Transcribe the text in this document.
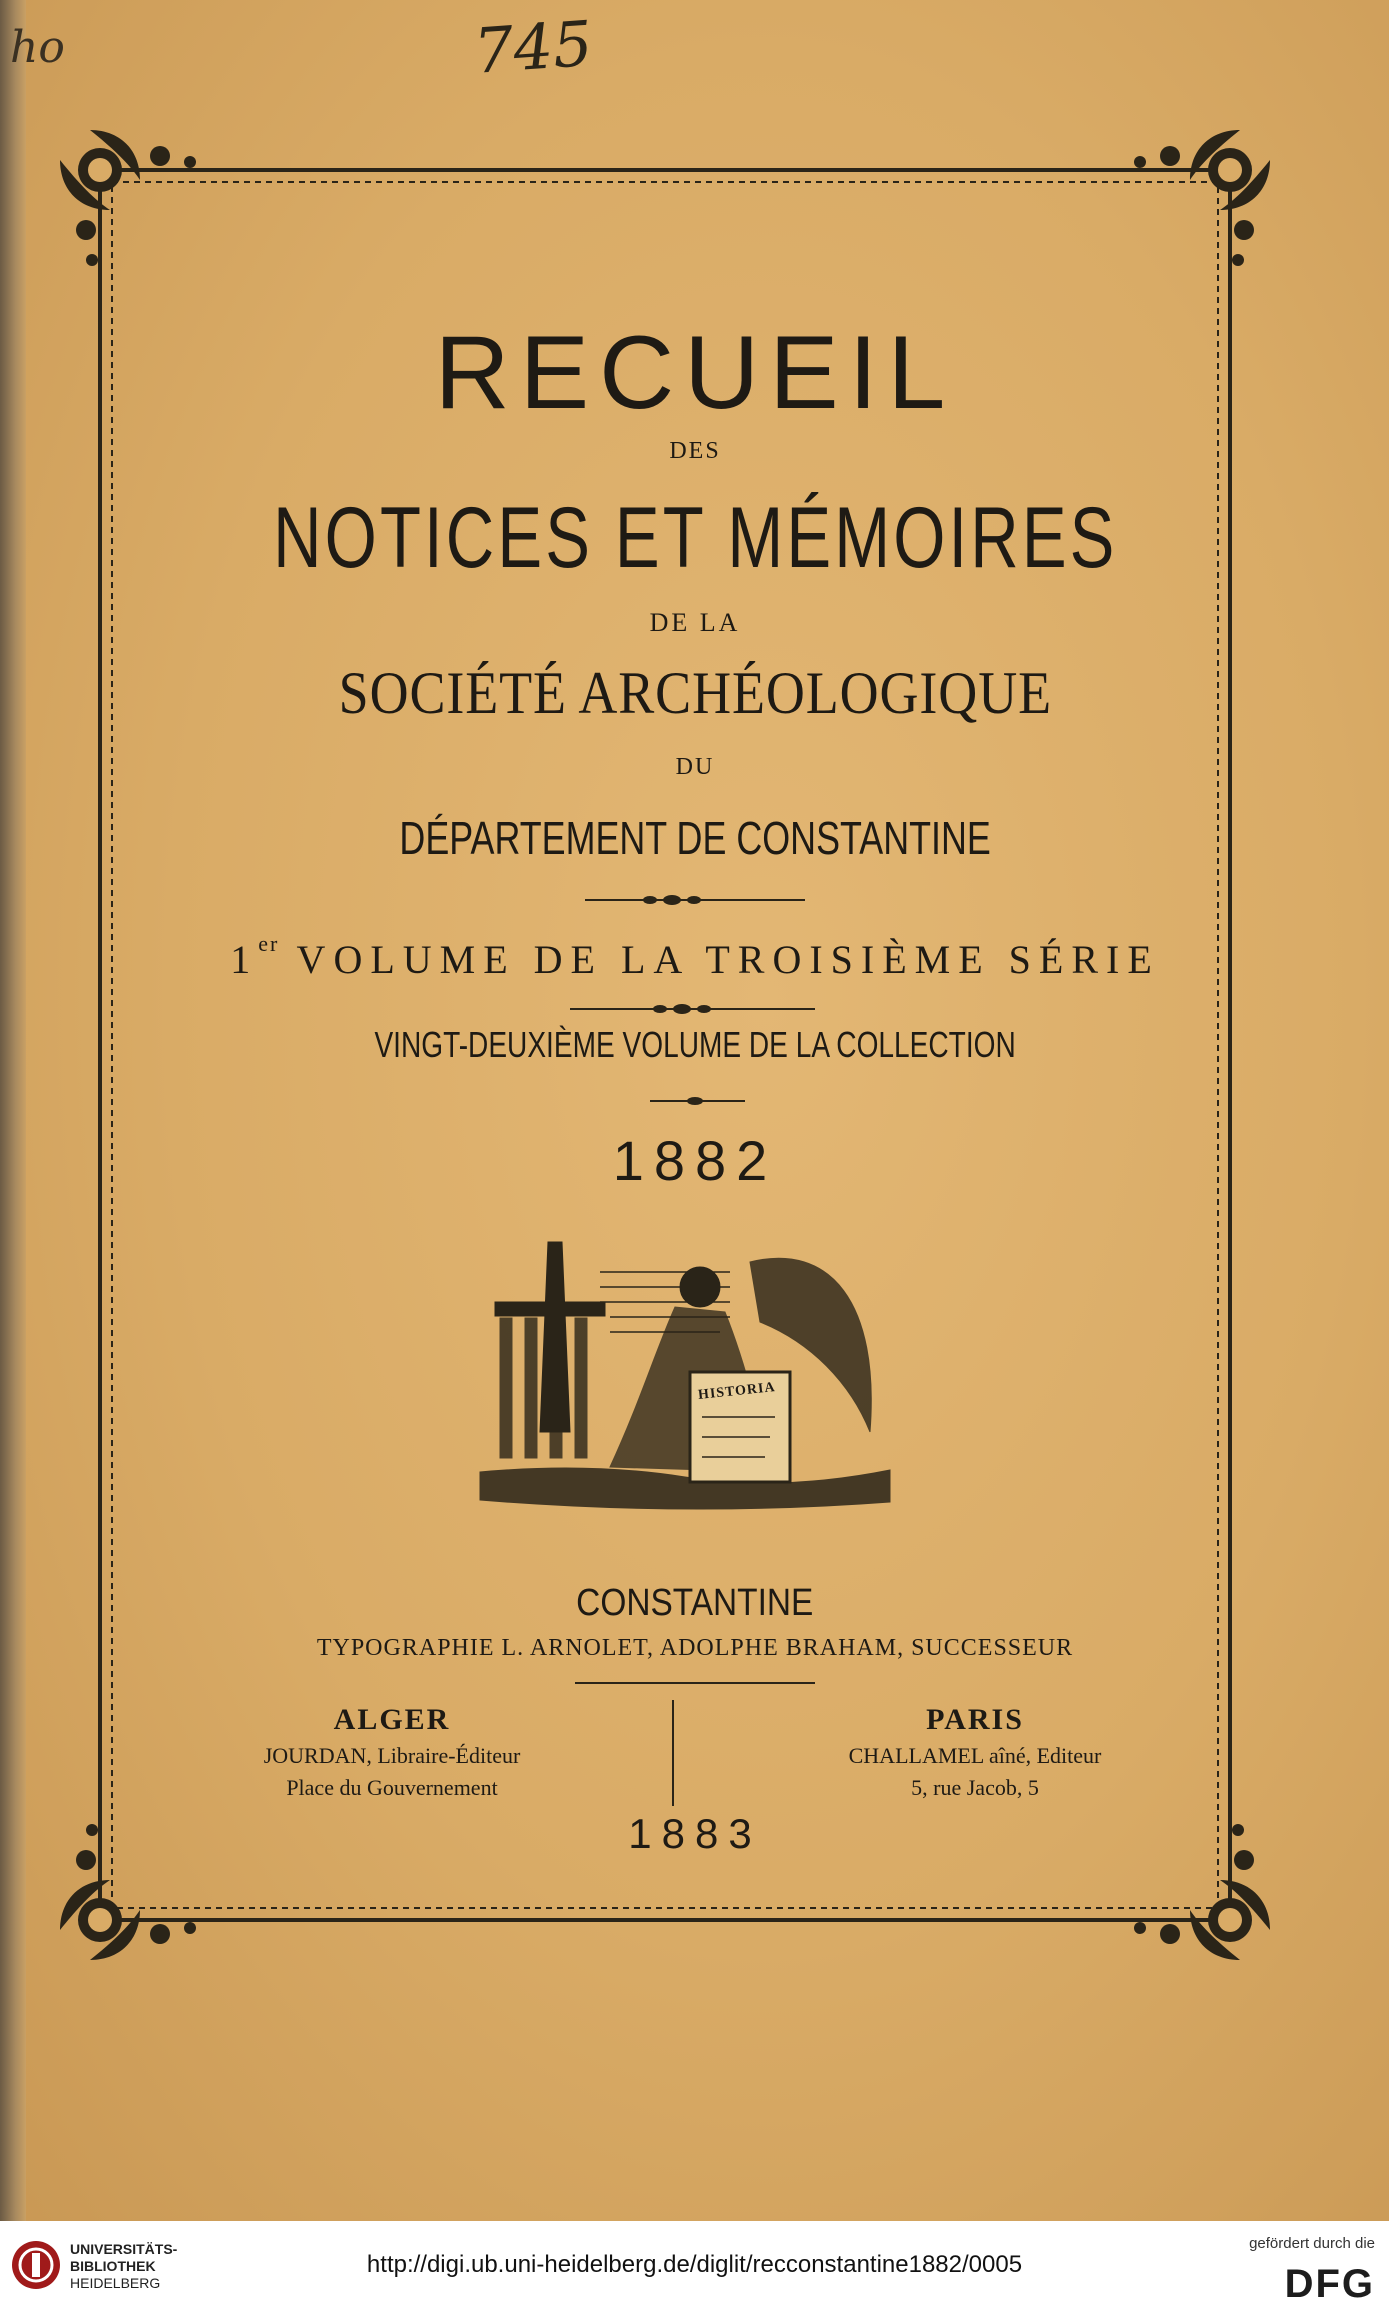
ho	745
RECUEIL
DES
NOTICES ET MÉMOIRES
DE LA
SOCIÉTÉ ARCHÉOLOGIQUE
DU
DÉPARTEMENT DE CONSTANTINE
1er VOLUME DE LA TROISIÈME SÉRIE
VINGT-DEUXIÈME VOLUME DE LA COLLECTION
1882
HISTORIA
CONSTANTINE
TYPOGRAPHIE L. ARNOLET, ADOLPHE BRAHAM, SUCCESSEUR
ALGER
JOURDAN, Libraire-Éditeur
Place du Gouvernement
PARIS
CHALLAMEL aîné, Editeur
5, rue Jacob, 5
1883
UNIVERSITÄTS-
BIBLIOTHEK
HEIDELBERG
http://digi.ub.uni-heidelberg.de/diglit/recconstantine1882/0005
gefördert durch die
DFG
